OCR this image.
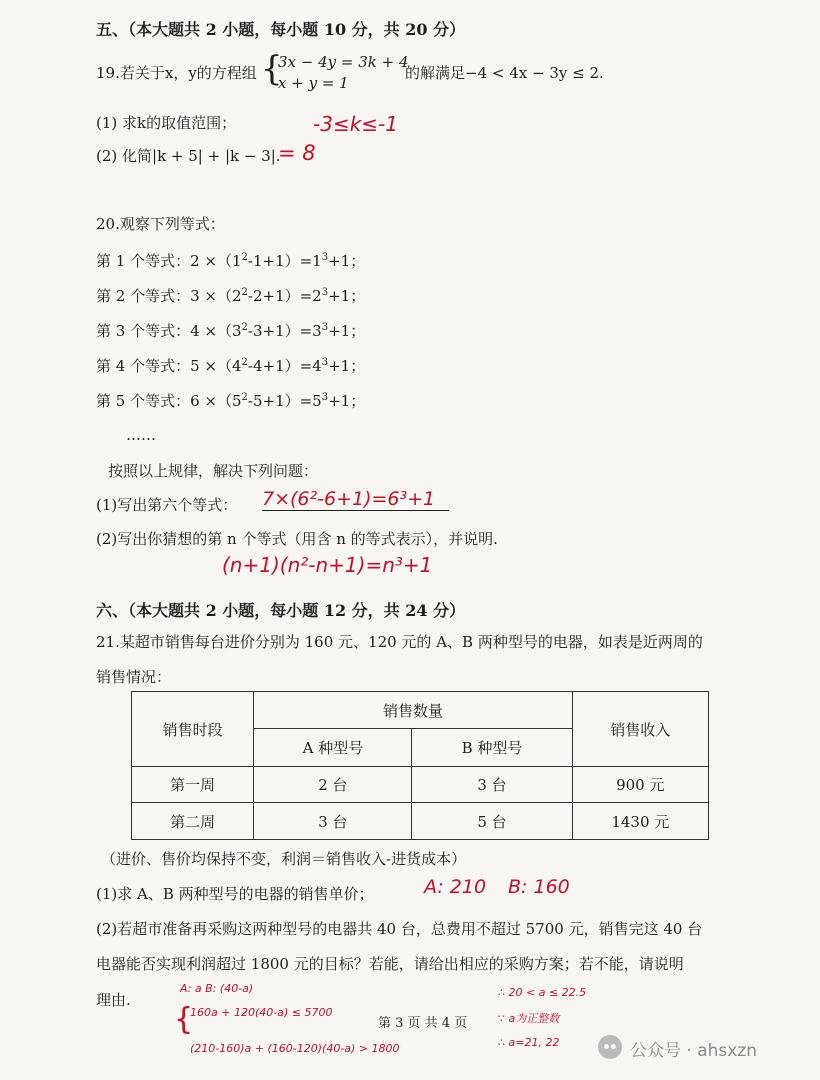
五、（本大题共 2 小题，每小题 10 分，共 20 分）
19.若关于x，y的方程组 {
3x − 4y = 3k + 4
x + y = 1
的解满足−4 < 4x − 3y ≤ 2.
(1) 求k的取值范围；	-3≤k≤-1
(2) 化简|k + 5| + |k − 3|.
= 8
20.观察下列等式：
第 1 个等式：$2 \times(1^2-1+1)=1^3+1$；
第 2 个等式：$3 \times(2^2-2+1)=2^3+1$；
第 3 个等式：$4 \times(3^2-3+1)=3^3+1$；
第 4 个等式：$5 \times(4^2-4+1)=4^3+1$；
第 5 个等式：$6 \times(5^2-5+1)=5^3+1$；
……
按照以上规律，解决下列问题：
(1)写出第六个等式： 7×(6²-6+1)=6³+1
(2)写出你猜想的第 n 个等式（用含 n 的等式表示），并说明.
(n+1)(n²-n+1)=n³+1
六、（本大题共 2 小题，每小题 12 分，共 24 分）
21.某超市销售每台进价分别为 160 元、120 元的 A、B 两种型号的电器，如表是近两周的
销售情况：
销售时段	销售数量		销售收入
	A 种型号	B 种型号	
第一周	2 台	3 台	900 元
第二周	3 台	5 台	1430 元
（进价、售价均保持不变，利润＝销售收入-进货成本）
(1)求 A、B 两种型号的电器的销售单价；	A: 210 B: 160
(2)若超市准备再采购这两种型号的电器共 40 台，总费用不超过 5700 元，销售完这 40 台
电器能否实现利润超过 1800 元的目标？若能，请给出相应的采购方案；若不能，请说明
理由.
A: a B: (40-a)
{
160a + 120(40-a) ≤ 5700
(210-160)a + (160-120)(40-a) > 1800
∴ 20 < a ≤ 22.5
∵ a为正整数
∴ a=21, 22
第 3 页 共 4 页
公众号 · ahsxzn
